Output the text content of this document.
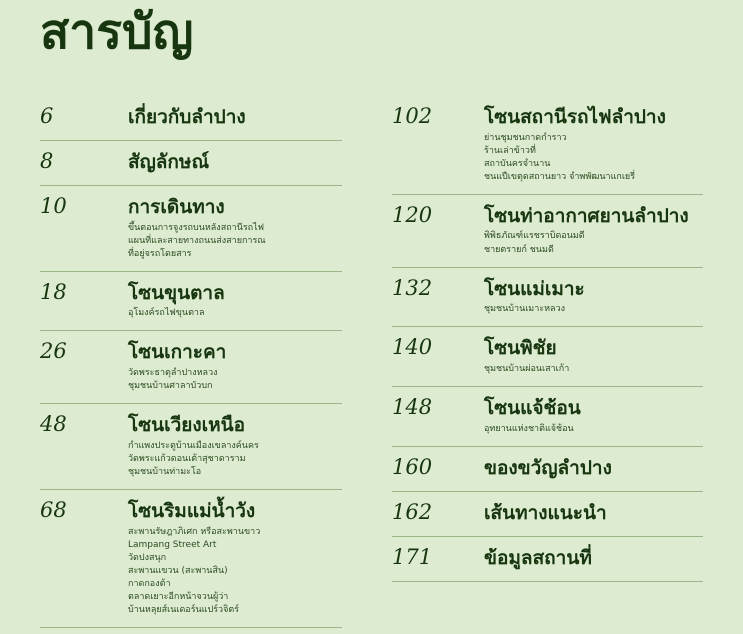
สารบัญ
6	เกี่ยวกับลำปาง
8	สัญลักษณ์
10	การเดินทาง
ขึ้นตอนการจูงรถบนหลังสถานีรถไฟ
แผนที่และสายทางถนนส่งสายการณ
ที่อยู่จรถโดยสาร
18	โซนขุนตาล
อุโมงค์รถไฟขุนตาล
26	โซนเกาะคา
วัดพระธาตุลำปางหลวง
ชุมชนบ้านศาลาบัวบก
48	โซนเวียงเหนือ
กำแพงประตูบ้านเมืองเขลางค์นคร
วัดพระแก้วดอนเต้าสุชาดาราม
ชุมชนบ้านท่ามะโอ
68	โซนริมแม่น้ำวัง
สะพานรัษฎาภิเศก หรือสะพานขาว
Lampang Street Art
วัดปงสนุก
สะพานแขวน (สะพานสิน)
กาดกองต้า
ตลาดเยาะอีกหน้าจวนผู้ว่า
บ้านหลุยส์เนเดอร์นแปร์วจิตร์
102	โซนสถานีรถไฟลำปาง
ย่านชุมชนกาดกำราว
ร้านเล่าข้าวที่
สถาบันครจำนาน
ชนแปืเขตุดสถานยาว จำพพัฒนาแกเยรี่
120	โซนท่าอากาศยานลำปาง
พิพิธภัณฑ์แรชราบิดอนมดี
ชายตรายก์ ชนมดี
132	โซนแม่เมาะ
ชุมชนบ้านเมาะหลวง
140	โซนพิชัย
ชุมชนบ้านผ่อนเสาเก้า
148	โซนแจ้ช้อน
อุทยานแห่งชาติแจ้ช้อน
160	ของขวัญลำปาง
162	เส้นทางแนะนำ
171	ข้อมูลสถานที่
